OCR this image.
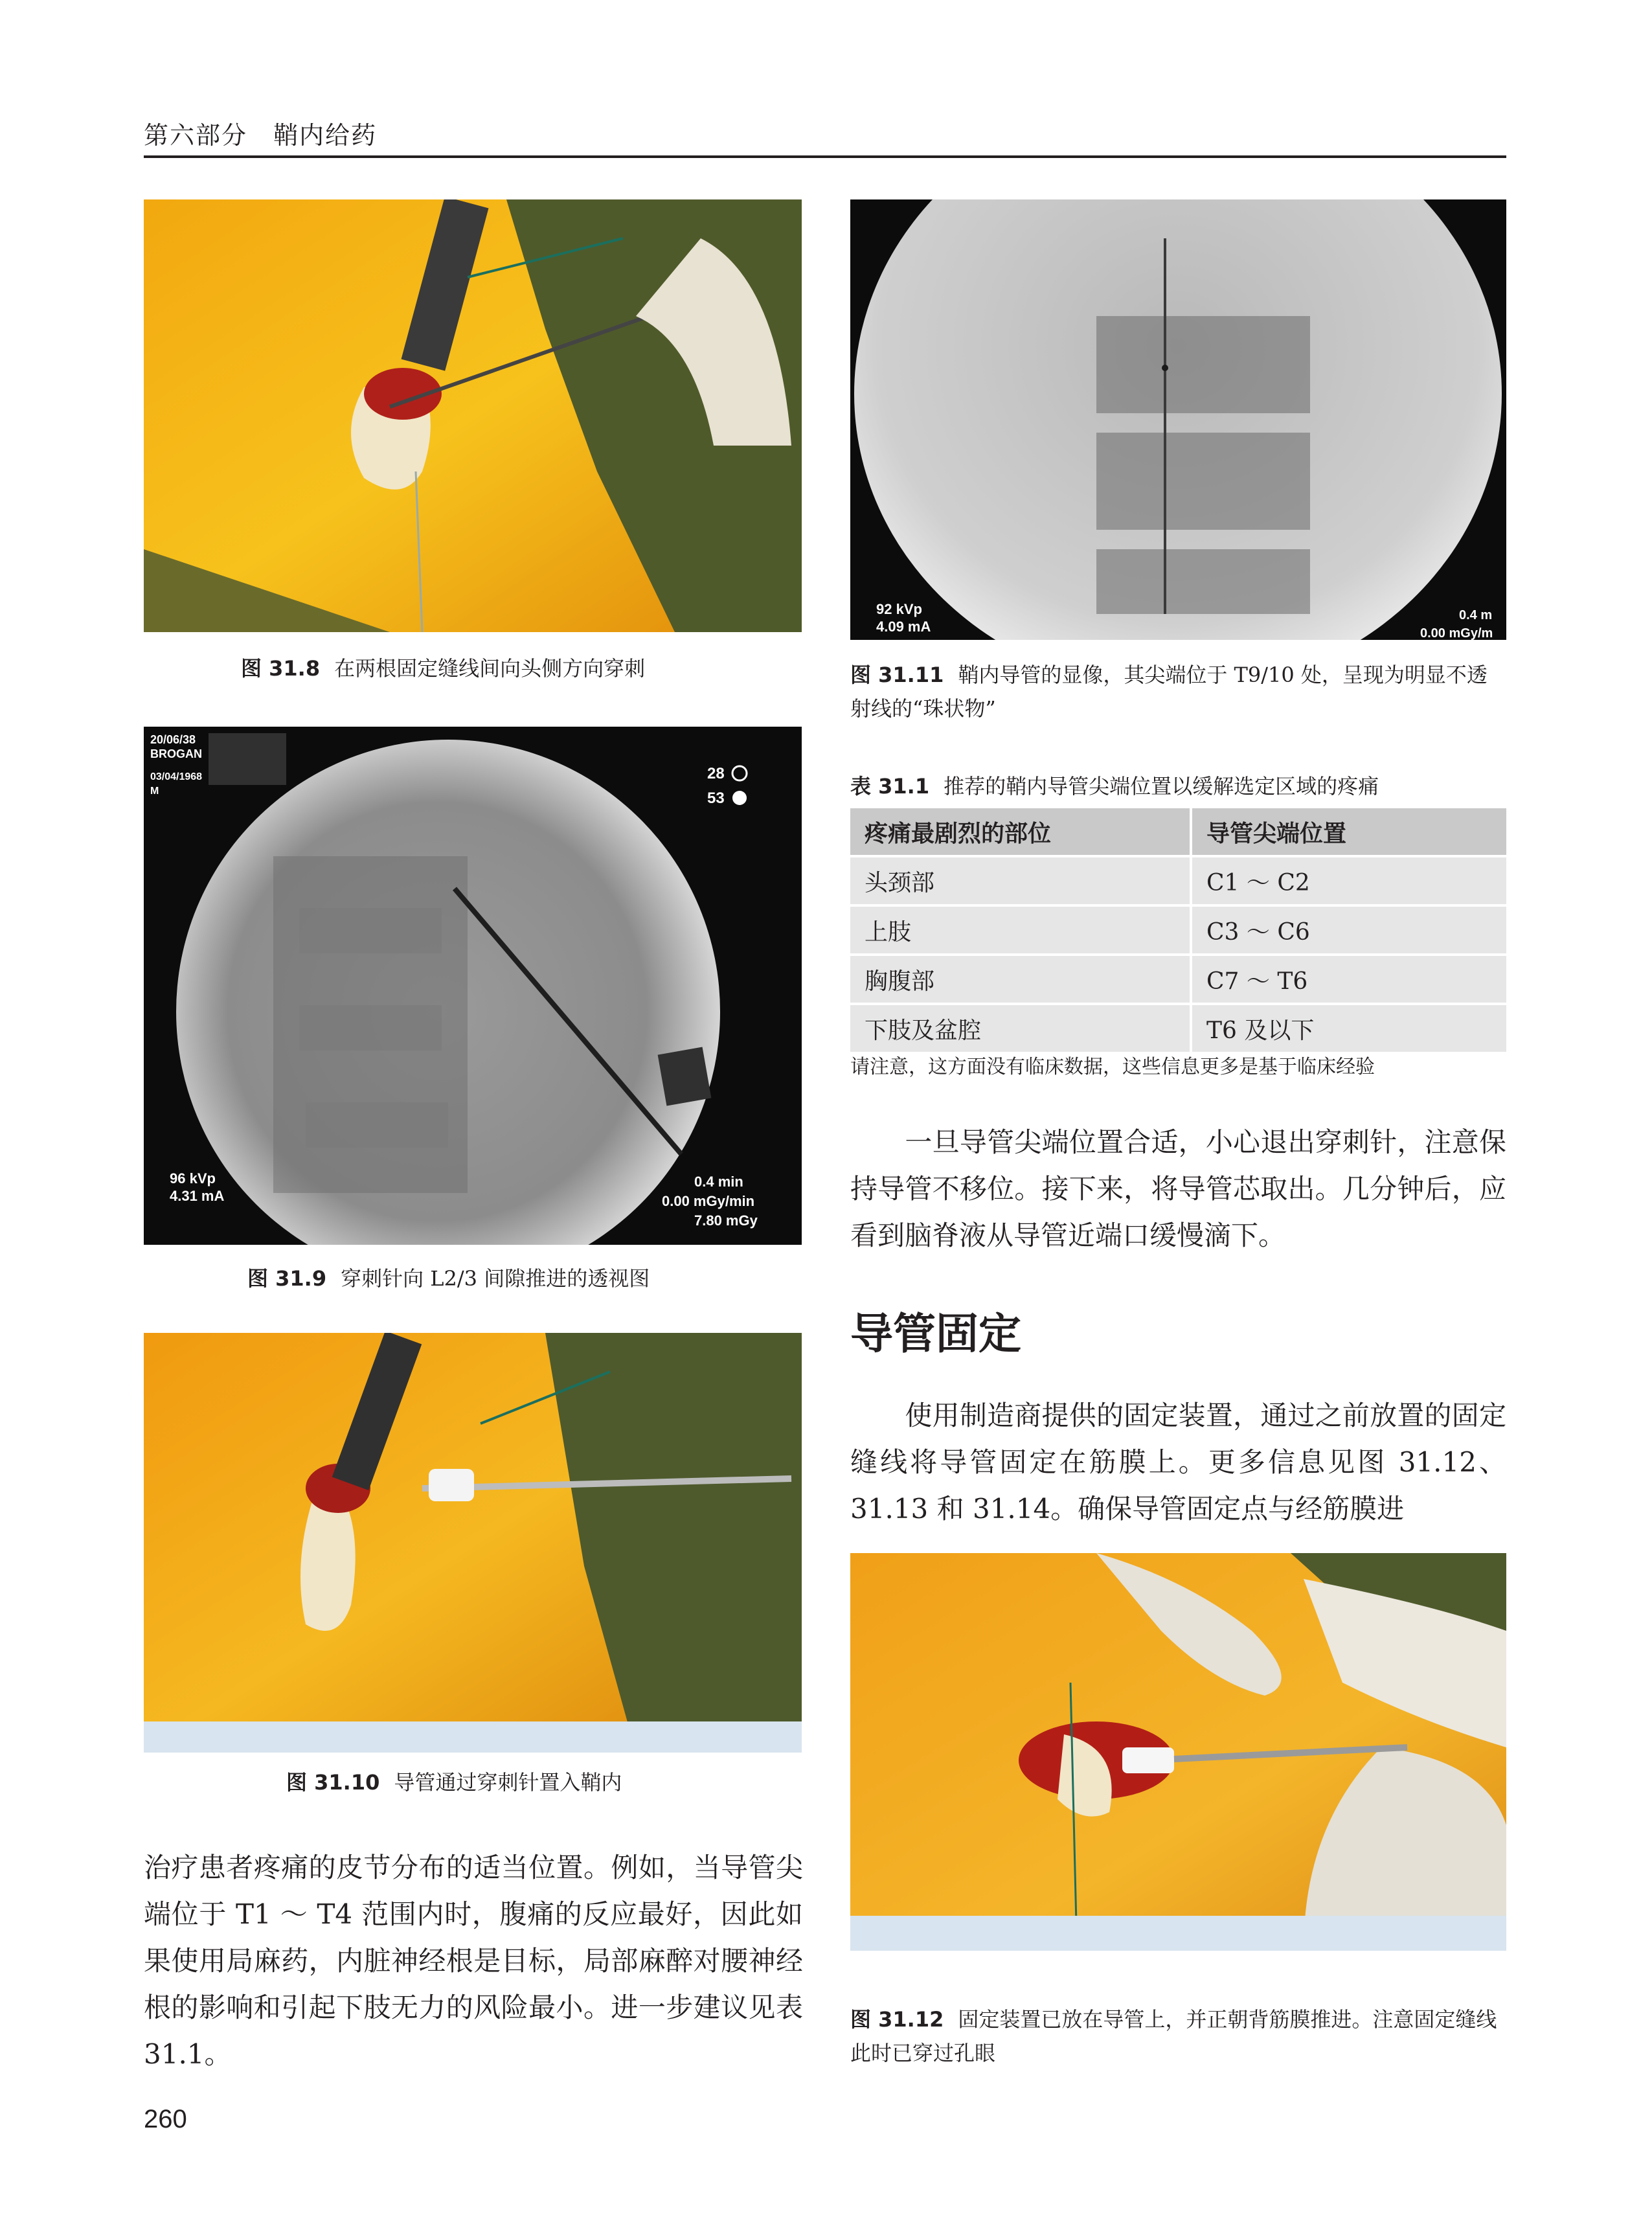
第六部分　鞘内给药
图 31.8 在两根固定缝线间向头侧方向穿刺
20/06/38
BROGAN
03/04/1968
M
28
53
96 kVp
4.31 mA
0.4 min
0.00 mGy/min
7.80 mGy
图 31.9 穿刺针向 L2/3 间隙推进的透视图
图 31.10 导管通过穿刺针置入鞘内
治疗患者疼痛的皮节分布的适当位置。例如，当导管尖端位于 T1 ～ T4 范围内时，腹痛的反应最好，因此如果使用局麻药，内脏神经根是目标，局部麻醉对腰神经根的影响和引起下肢无力的风险最小。进一步建议见表 31.1。
260
92 kVp
4.09 mA
0.4 m
0.00 mGy/m
图 31.11 鞘内导管的显像，其尖端位于 T9/10 处，呈现为明显不透射线的“珠状物”
表 31.1 推荐的鞘内导管尖端位置以缓解选定区域的疼痛
疼痛最剧烈的部位	导管尖端位置
头颈部	C1 ～ C2
上肢	C3 ～ C6
胸腹部	C7 ～ T6
下肢及盆腔	T6 及以下
请注意，这方面没有临床数据，这些信息更多是基于临床经验
　　一旦导管尖端位置合适，小心退出穿刺针，注意保持导管不移位。接下来，将导管芯取出。几分钟后，应看到脑脊液从导管近端口缓慢滴下。
导管固定
　　使用制造商提供的固定装置，通过之前放置的固定缝线将导管固定在筋膜上。更多信息见图 31.12、31.13 和 31.14。确保导管固定点与经筋膜进
图 31.12 固定装置已放在导管上，并正朝背筋膜推进。注意固定缝线此时已穿过孔眼
